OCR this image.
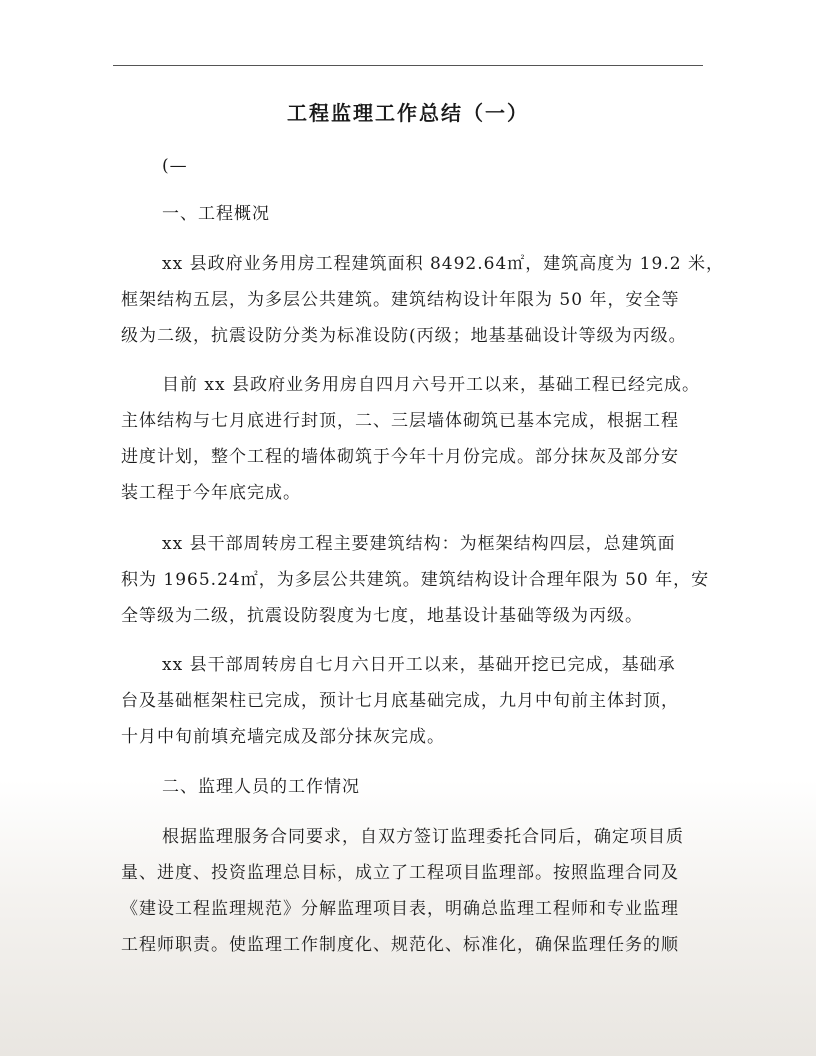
工程监理工作总结（一）
(—
一、工程概况
xx 县政府业务用房工程建筑面积 8492.64㎡，建筑高度为 19.2 米，
框架结构五层，为多层公共建筑。建筑结构设计年限为 50 年，安全等
级为二级，抗震设防分类为标准设防(丙级；地基基础设计等级为丙级。
目前 xx 县政府业务用房自四月六号开工以来，基础工程已经完成。
主体结构与七月底进行封顶，二、三层墙体砌筑已基本完成，根据工程
进度计划，整个工程的墙体砌筑于今年十月份完成。部分抹灰及部分安
装工程于今年底完成。
xx 县干部周转房工程主要建筑结构：为框架结构四层，总建筑面
积为 1965.24㎡，为多层公共建筑。建筑结构设计合理年限为 50 年，安
全等级为二级，抗震设防裂度为七度，地基设计基础等级为丙级。
xx 县干部周转房自七月六日开工以来，基础开挖已完成，基础承
台及基础框架柱已完成，预计七月底基础完成，九月中旬前主体封顶，
十月中旬前填充墙完成及部分抹灰完成。
二、监理人员的工作情况
根据监理服务合同要求，自双方签订监理委托合同后，确定项目质
量、进度、投资监理总目标，成立了工程项目监理部。按照监理合同及
《建设工程监理规范》分解监理项目表，明确总监理工程师和专业监理
工程师职责。使监理工作制度化、规范化、标准化，确保监理任务的顺
